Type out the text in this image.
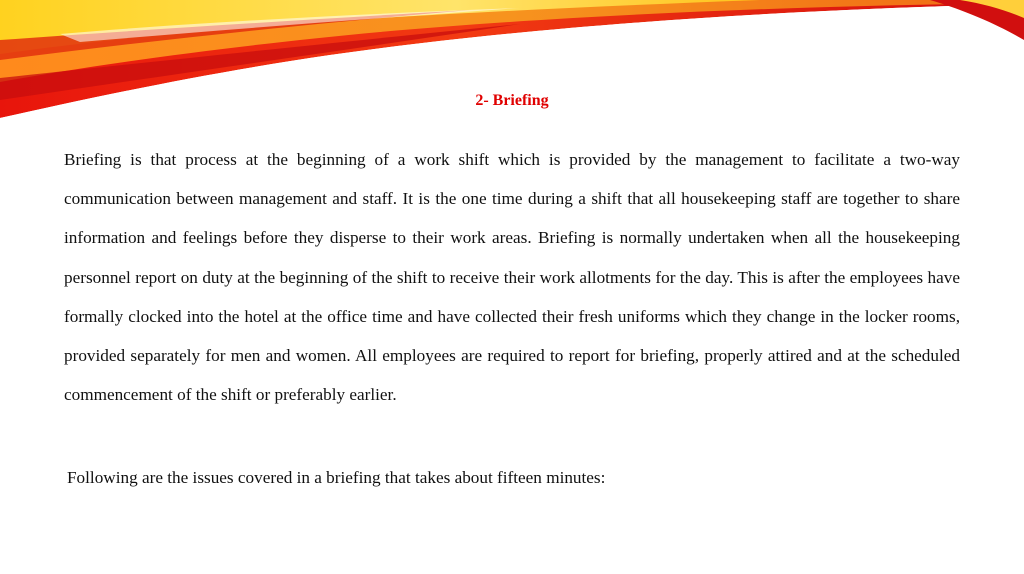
2- Briefing

Briefing is that process at the beginning of a work shift which is provided by the management to facilitate a two-way communication between management and staff. It is the one time during a shift that all housekeeping staff are together to share information and feelings before they disperse to their work areas. Briefing is normally undertaken when all the housekeeping personnel report on duty at the beginning of the shift to receive their work allotments for the day. This is after the employees have formally clocked into the hotel at the office time and have collected their fresh uniforms which they change in the locker rooms, provided separately for men and women. All employees are required to report for briefing, properly attired and at the scheduled commencement of the shift or preferably earlier.

Following are the issues covered in a briefing that takes about fifteen minutes:
